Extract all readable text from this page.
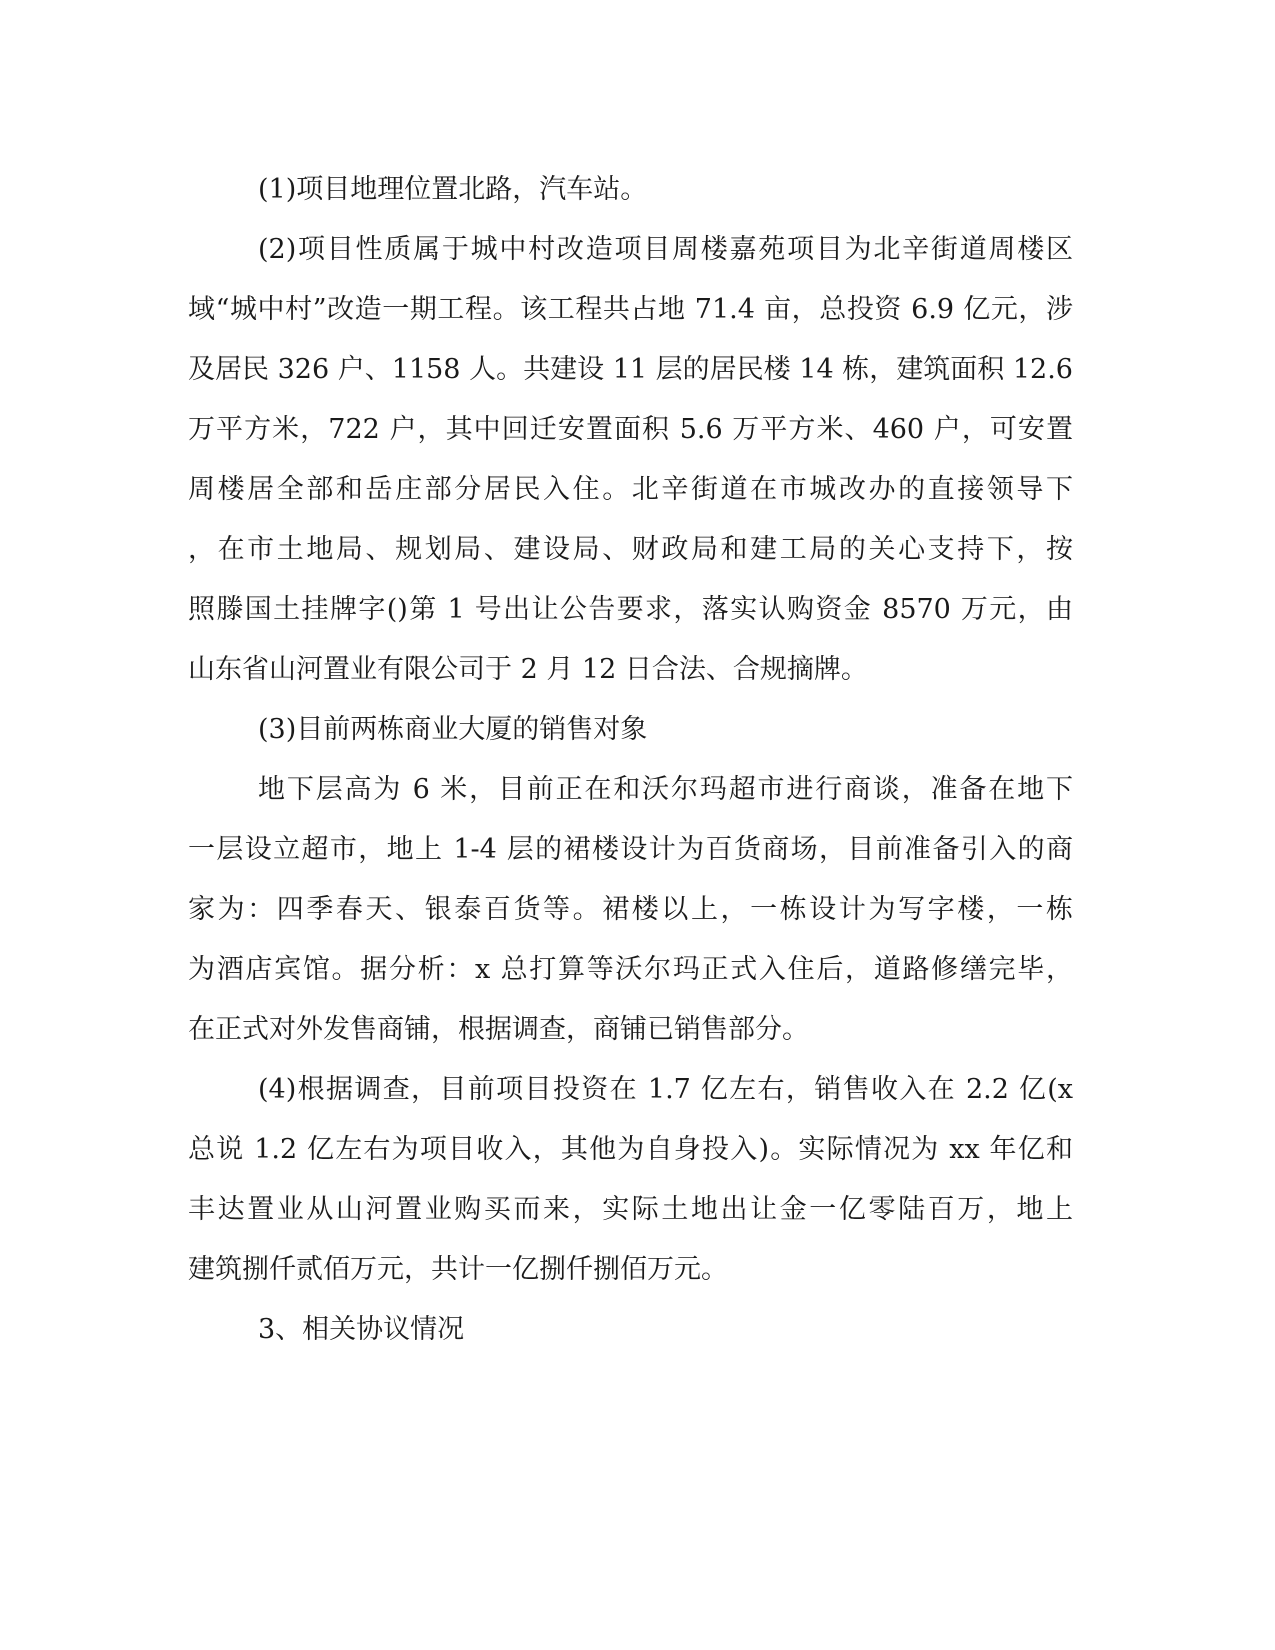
(1)项目地理位置北路，汽车站。
(2)项目性质属于城中村改造项目周楼嘉苑项目为北辛街道周楼区
域“城中村”改造一期工程。该工程共占地 71.4 亩，总投资 6.9 亿元，涉
及居民 326 户、1158 人。共建设 11 层的居民楼 14 栋，建筑面积 12.6
万平方米，722 户，其中回迁安置面积 5.6 万平方米、460 户，可安置
周楼居全部和岳庄部分居民入住。北辛街道在市城改办的直接领导下
，在市土地局、规划局、建设局、财政局和建工局的关心支持下，按
照滕国土挂牌字()第 1 号出让公告要求，落实认购资金 8570 万元，由
山东省山河置业有限公司于 2 月 12 日合法、合规摘牌。
(3)目前两栋商业大厦的销售对象
地下层高为 6 米，目前正在和沃尔玛超市进行商谈，准备在地下
一层设立超市，地上 1-4 层的裙楼设计为百货商场，目前准备引入的商
家为：四季春天、银泰百货等。裙楼以上，一栋设计为写字楼，一栋
为酒店宾馆。据分析：x 总打算等沃尔玛正式入住后，道路修缮完毕，
在正式对外发售商铺，根据调查，商铺已销售部分。
(4)根据调查，目前项目投资在 1.7 亿左右，销售收入在 2.2 亿(x
总说 1.2 亿左右为项目收入，其他为自身投入)。实际情况为 xx 年亿和
丰达置业从山河置业购买而来，实际土地出让金一亿零陆百万，地上
建筑捌仟贰佰万元，共计一亿捌仟捌佰万元。
3、相关协议情况
